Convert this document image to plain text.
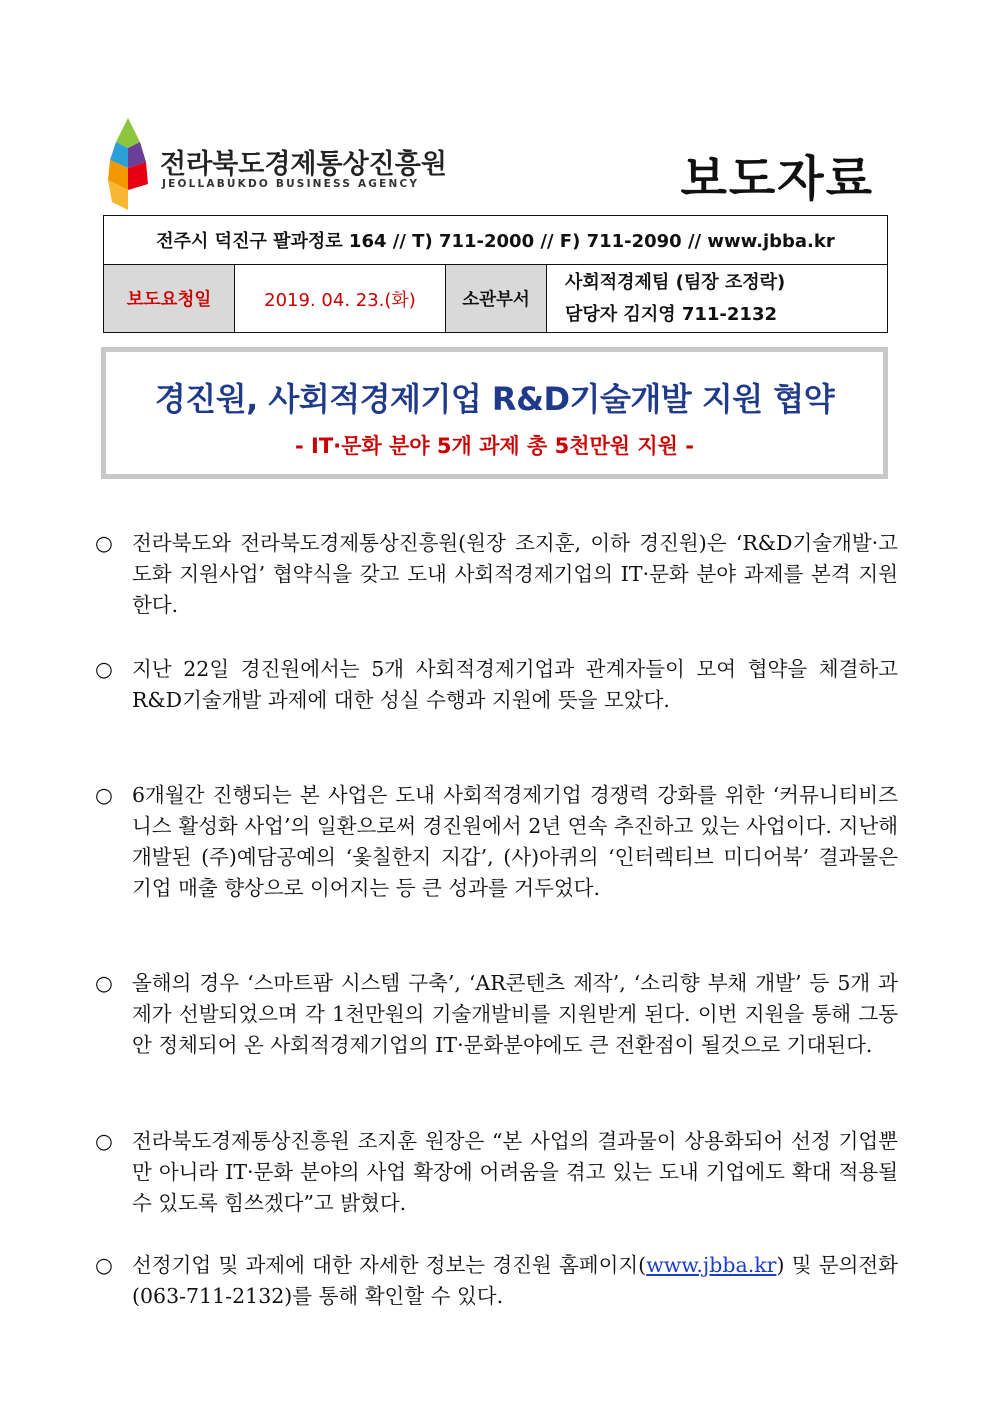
전라북도경제통상진흥원
JEOLLABUKDO BUSINESS AGENCY	보도자료
전주시 덕진구 팔과정로 164 // T) 711-2000 // F) 711-2090 // www.jbba.kr
보도요청일	2019. 04. 23.(화)	소관부서	
사회적경제팀 (팀장 조정락)
담당자 김지영 711-2132
경진원, 사회적경제기업 R&D기술개발 지원 협약
- IT·문화 분야 5개 과제 총 5천만원 지원 -
○ 전라북도와 전라북도경제통상진흥원(원장 조지훈, 이하 경진원)은 ‘R&D기술개발·고도화 지원사업’ 협약식을 갖고 도내 사회적경제기업의 IT·문화 분야 과제를 본격 지원한다.
○ 지난 22일 경진원에서는 5개 사회적경제기업과 관계자들이 모여 협약을 체결하고 R&D기술개발 과제에 대한 성실 수행과 지원에 뜻을 모았다.
○ 6개월간 진행되는 본 사업은 도내 사회적경제기업 경쟁력 강화를 위한 ‘커뮤니티비즈니스 활성화 사업’의 일환으로써 경진원에서 2년 연속 추진하고 있는 사업이다. 지난해 개발된 (주)예담공예의 ‘옻칠한지 지갑’, (사)아퀴의 ‘인터렉티브 미디어북’ 결과물은 기업 매출 향상으로 이어지는 등 큰 성과를 거두었다.
○ 올해의 경우 ‘스마트팜 시스템 구축’, ‘AR콘텐츠 제작’, ‘소리향 부채 개발’ 등 5개 과제가 선발되었으며 각 1천만원의 기술개발비를 지원받게 된다. 이번 지원을 통해 그동안 정체되어 온 사회적경제기업의 IT·문화분야에도 큰 전환점이 될것으로 기대된다.
○ 전라북도경제통상진흥원 조지훈 원장은 “본 사업의 결과물이 상용화되어 선정 기업뿐만 아니라 IT·문화 분야의 사업 확장에 어려움을 겪고 있는 도내 기업에도 확대 적용될 수 있도록 힘쓰겠다”고 밝혔다.
○ 선정기업 및 과제에 대한 자세한 정보는 경진원 홈페이지(www.jbba.kr) 및 문의전화(063-711-2132)를 통해 확인할 수 있다.
